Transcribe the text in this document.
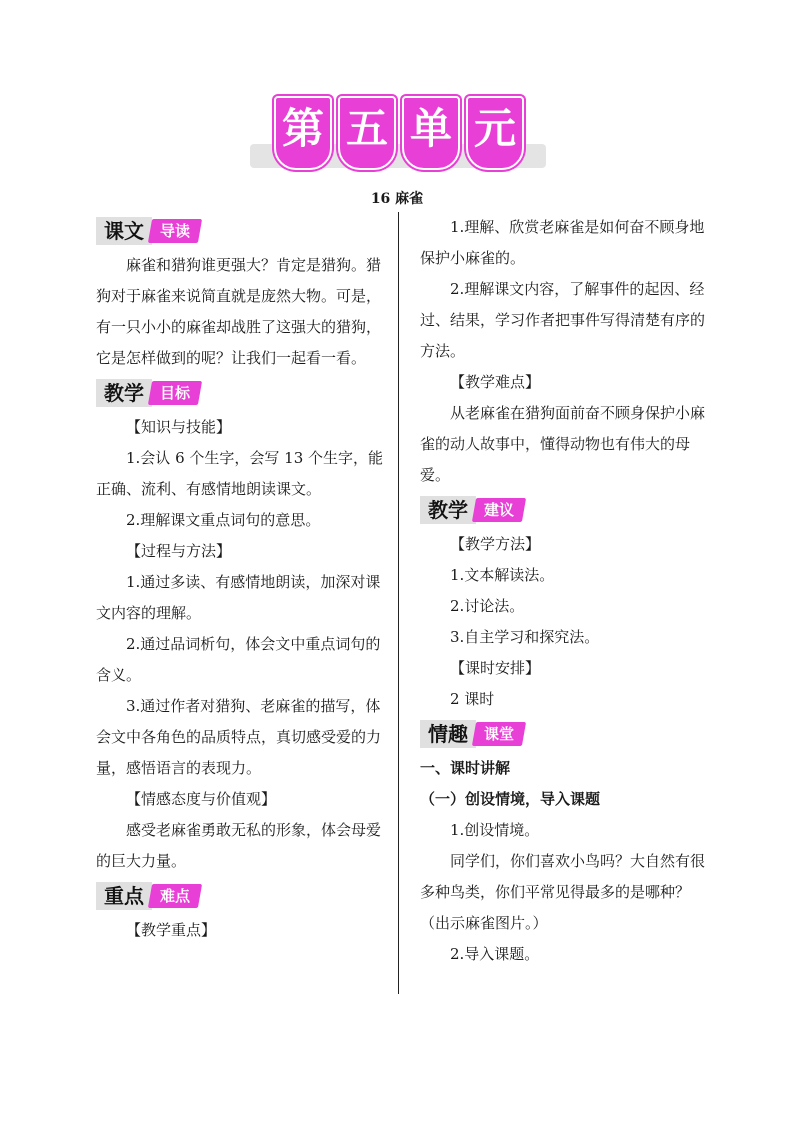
第 五 单 元
16 麻雀
课文	导读

麻雀和猎狗谁更强大？肯定是猎狗。猎狗对于麻雀来说简直就是庞然大物。可是，有一只小小的麻雀却战胜了这强大的猎狗，它是怎样做到的呢？让我们一起看一看。

教学	目标

【知识与技能】

1.会认 6 个生字，会写 13 个生字，能正确、流利、有感情地朗读课文。

2.理解课文重点词句的意思。

【过程与方法】

1.通过多读、有感情地朗读，加深对课文内容的理解。

2.通过品词析句，体会文中重点词句的含义。

3.通过作者对猎狗、老麻雀的描写，体会文中各角色的品质特点，真切感受爱的力量，感悟语言的表现力。

【情感态度与价值观】

感受老麻雀勇敢无私的形象，体会母爱的巨大力量。

重点	难点

【教学重点】

1.理解、欣赏老麻雀是如何奋不顾身地保护小麻雀的。

2.理解课文内容，了解事件的起因、经过、结果，学习作者把事件写得清楚有序的方法。

【教学难点】

从老麻雀在猎狗面前奋不顾身保护小麻雀的动人故事中，懂得动物也有伟大的母爱。

教学	建议

【教学方法】

1.文本解读法。

2.讨论法。

3.自主学习和探究法。

【课时安排】

2 课时

情趣	课堂

一、课时讲解

（一）创设情境，导入课题

1.创设情境。

同学们，你们喜欢小鸟吗？大自然有很多种鸟类，你们平常见得最多的是哪种？（出示麻雀图片。）

2.导入课题。
